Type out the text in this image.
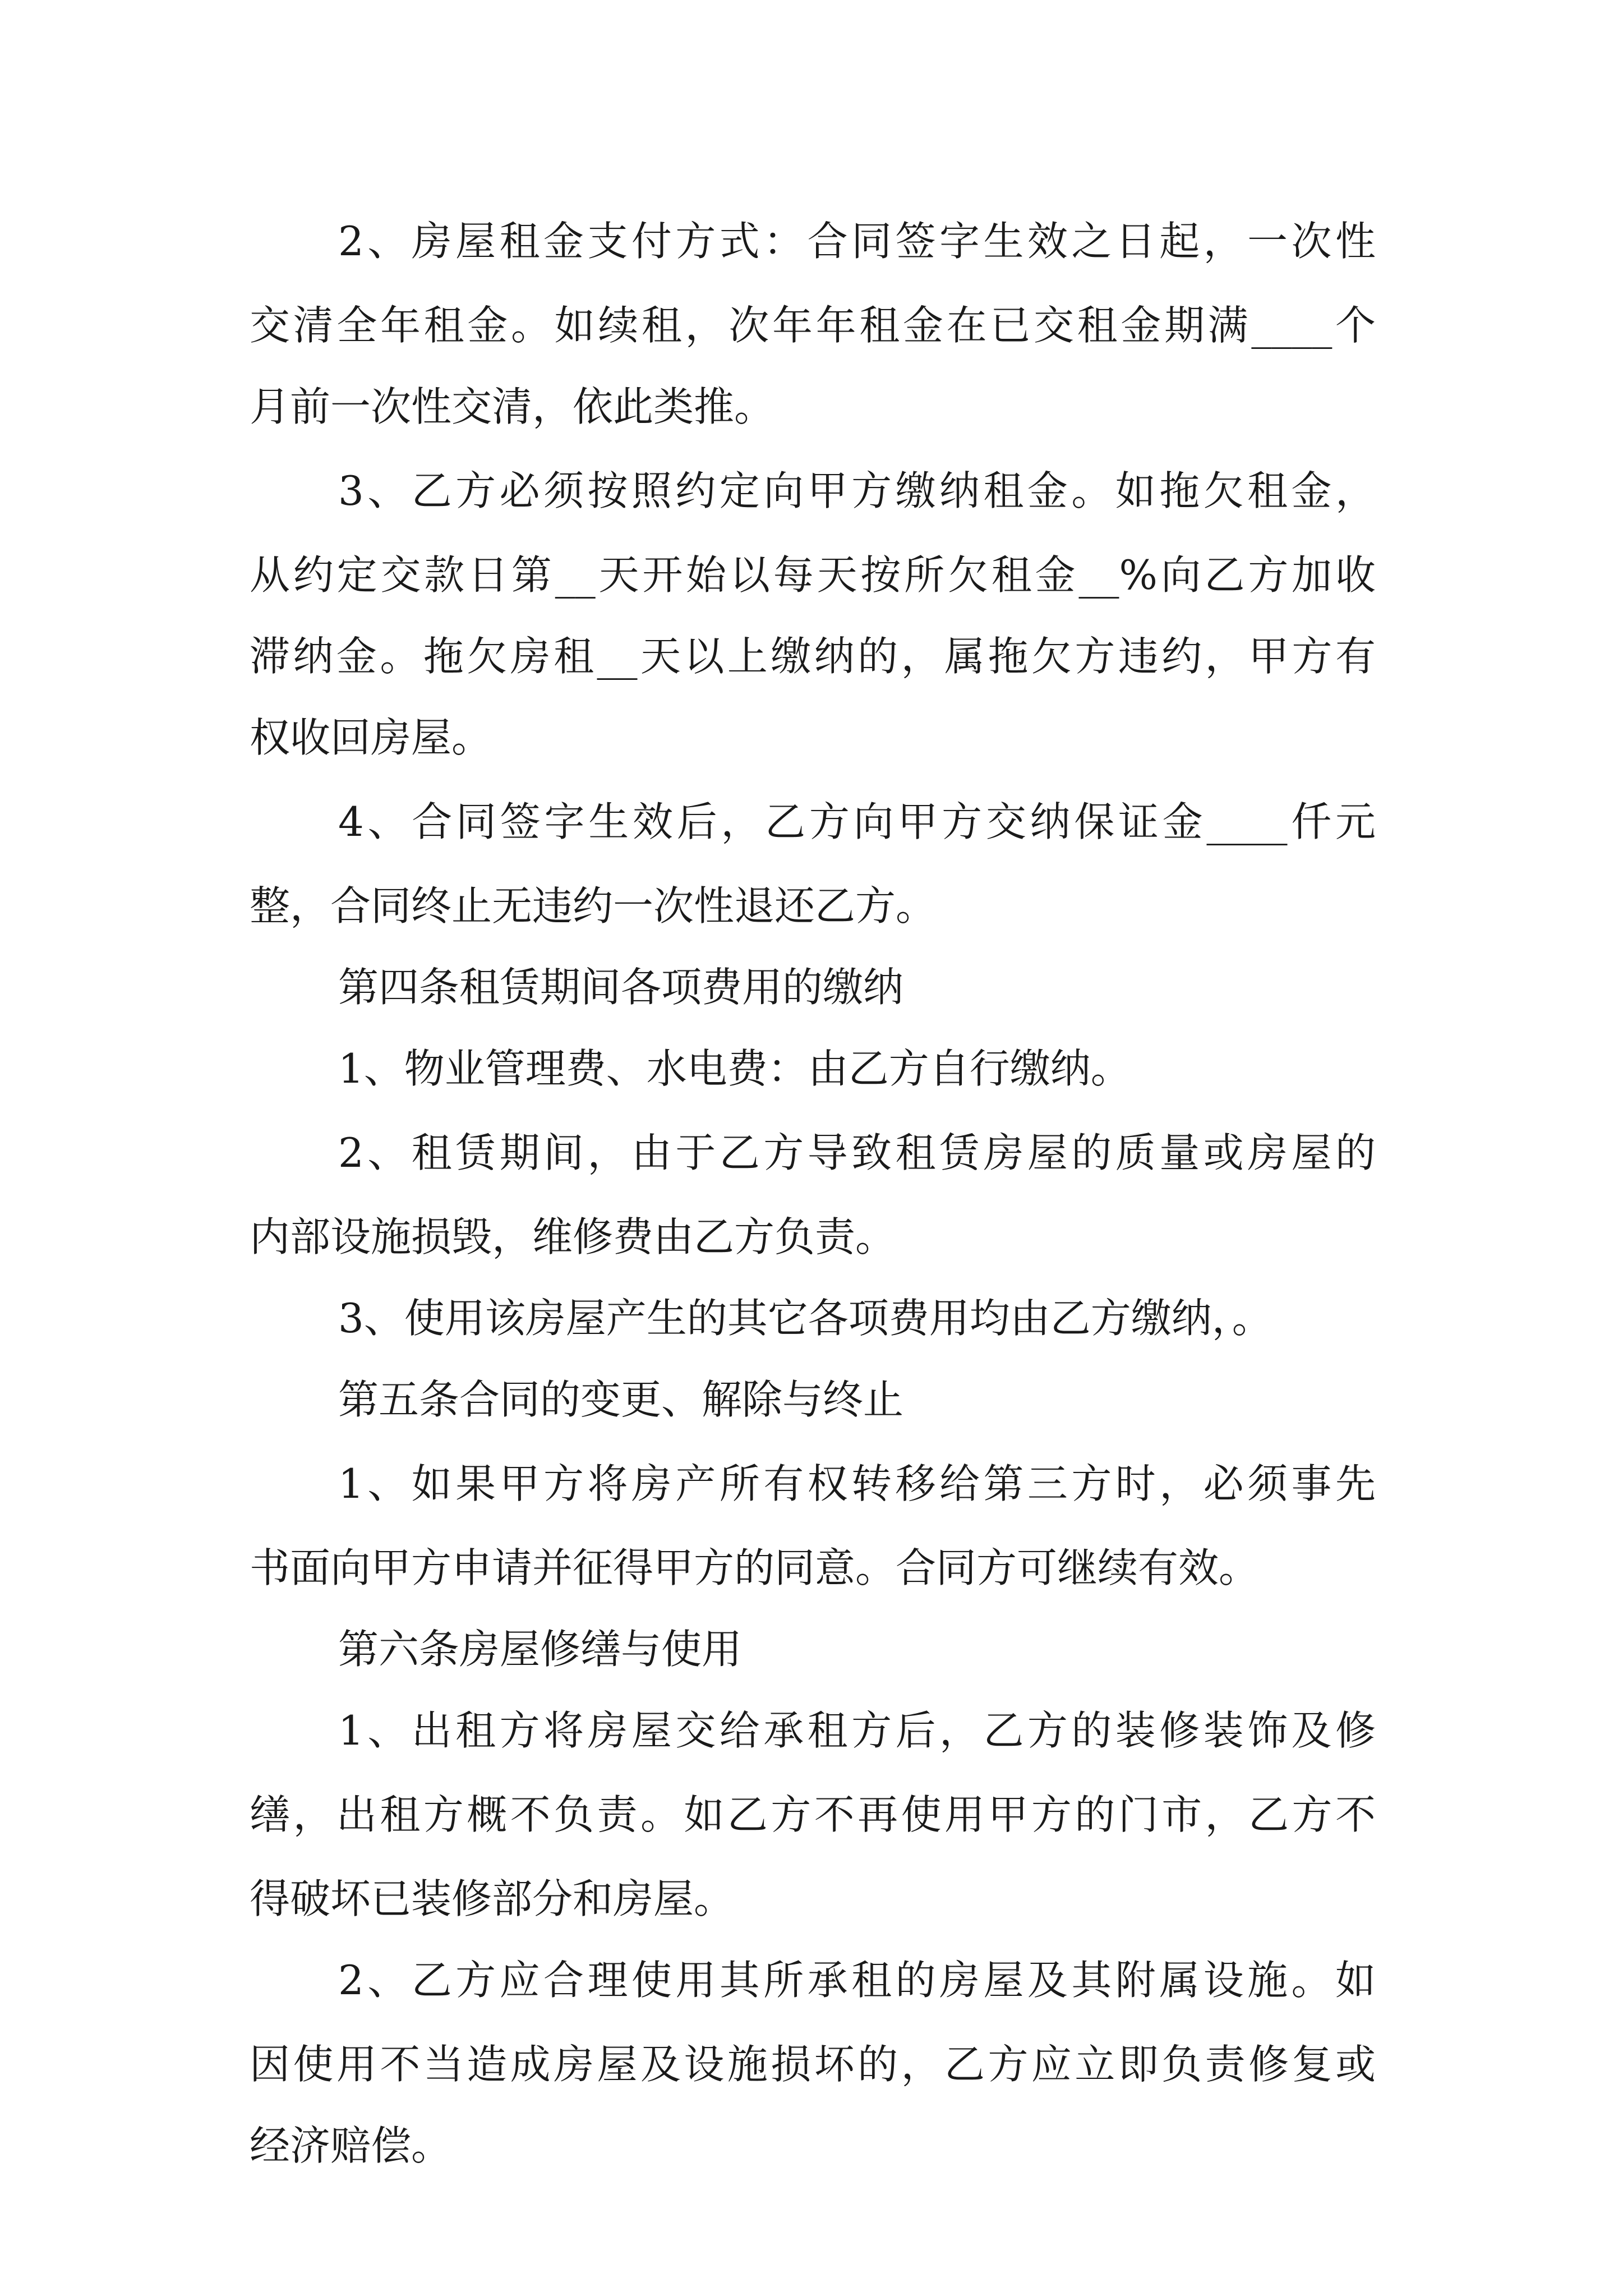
2、房屋租金支付方式：合同签字生效之日起，一次性
交清全年租金。如续租，次年年租金在已交租金期满____个
月前一次性交清，依此类推。
3、乙方必须按照约定向甲方缴纳租金。如拖欠租金，
从约定交款日第__天开始以每天按所欠租金__%向乙方加收
滞纳金。拖欠房租__天以上缴纳的，属拖欠方违约，甲方有
权收回房屋。
4、合同签字生效后，乙方向甲方交纳保证金____仟元
整，合同终止无违约一次性退还乙方。
第四条租赁期间各项费用的缴纳
1、物业管理费、水电费：由乙方自行缴纳。
2、租赁期间，由于乙方导致租赁房屋的质量或房屋的
内部设施损毁，维修费由乙方负责。
3、使用该房屋产生的其它各项费用均由乙方缴纳，。
第五条合同的变更、解除与终止
1、如果甲方将房产所有权转移给第三方时，必须事先
书面向甲方申请并征得甲方的同意。合同方可继续有效。
第六条房屋修缮与使用
1、出租方将房屋交给承租方后，乙方的装修装饰及修
缮，出租方概不负责。如乙方不再使用甲方的门市，乙方不
得破坏已装修部分和房屋。
2、乙方应合理使用其所承租的房屋及其附属设施。如
因使用不当造成房屋及设施损坏的，乙方应立即负责修复或
经济赔偿。
